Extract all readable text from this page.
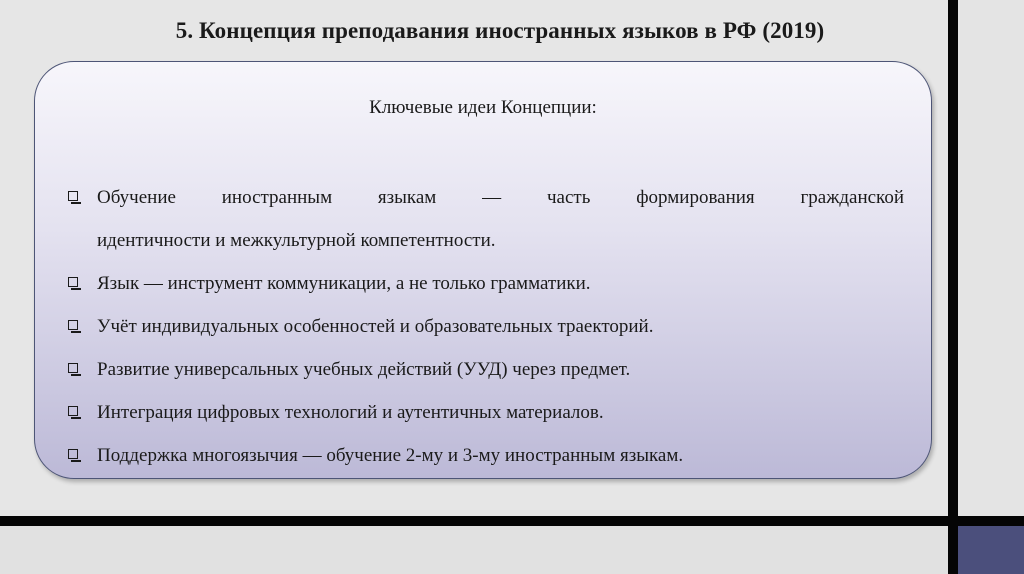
5. Концепция преподавания иностранных языков в РФ (2019)
Ключевые идеи Концепции:
Обучение иностранным языкам — часть формирования гражданской
идентичности и межкультурной компетентности.
Язык — инструмент коммуникации, а не только грамматики.
Учёт индивидуальных особенностей и образовательных траекторий.
Развитие универсальных учебных действий (УУД) через предмет.
Интеграция цифровых технологий и аутентичных материалов.
Поддержка многоязычия — обучение 2-му и 3-му иностранным языкам.
